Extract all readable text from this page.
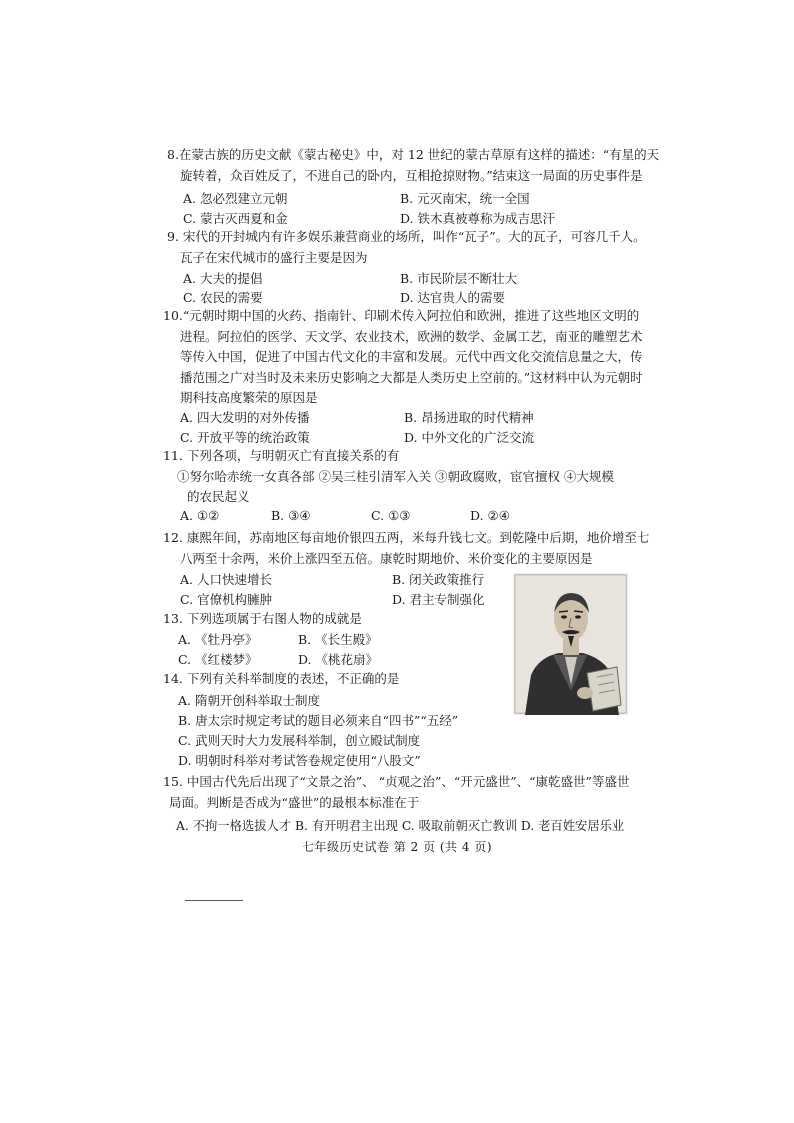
8.在蒙古族的历史文献《蒙古秘史》中，对 12 世纪的蒙古草原有这样的描述：“有星的天
旋转着，众百姓反了，不进自己的卧内，互相抢掠财物。”结束这一局面的历史事件是
A. 忽必烈建立元朝	B. 元灭南宋，统一全国
C. 蒙古灭西夏和金	D. 铁木真被尊称为成吉思汗
9. 宋代的开封城内有许多娱乐兼营商业的场所，叫作“瓦子”。大的瓦子，可容几千人。
瓦子在宋代城市的盛行主要是因为
A. 大夫的提倡	B. 市民阶层不断壮大
C. 农民的需要	D. 达官贵人的需要
10.“元朝时期中国的火药、指南针、印刷术传入阿拉伯和欧洲，推进了这些地区文明的
进程。阿拉伯的医学、天文学、农业技术，欧洲的数学、金属工艺，南亚的雕塑艺术
等传入中国，促进了中国古代文化的丰富和发展。元代中西文化交流信息量之大，传
播范围之广对当时及未来历史影响之大都是人类历史上空前的。”这材料中认为元朝时
期科技高度繁荣的原因是
A. 四大发明的对外传播	B. 昂扬进取的时代精神
C. 开放平等的统治政策	D. 中外文化的广泛交流
11. 下列各项，与明朝灭亡有直接关系的有
①努尔哈赤统一女真各部 ②吴三桂引清军入关 ③朝政腐败，宦官擅权 ④大规模
的农民起义
A. ①②	B. ③④	C. ①③	D. ②④
12. 康熙年间，苏南地区每亩地价银四五两，米每升钱七文。到乾隆中后期，地价增至七
八两至十余两，米价上涨四至五倍。康乾时期地价、米价变化的主要原因是
A. 人口快速增长	B. 闭关政策推行
C. 官僚机构臃肿	D. 君主专制强化
13. 下列选项属于右图人物的成就是
A. 《牡丹亭》	B. 《长生殿》
C. 《红楼梦》	D. 《桃花扇》
14. 下列有关科举制度的表述，不正确的是
A. 隋朝开创科举取士制度
B. 唐太宗时规定考试的题目必须来自“四书”“五经”
C. 武则天时大力发展科举制，创立殿试制度
D. 明朝时科举对考试答卷规定使用“八股文”
15. 中国古代先后出现了“文景之治”、 “贞观之治”、“开元盛世”、“康乾盛世”等盛世
局面。判断是否成为“盛世”的最根本标准在于
A. 不拘一格选拔人才 B. 有开明君主出现 C. 吸取前朝灭亡教训 D. 老百姓安居乐业
七年级历史试卷 第 2 页 (共 4 页)
